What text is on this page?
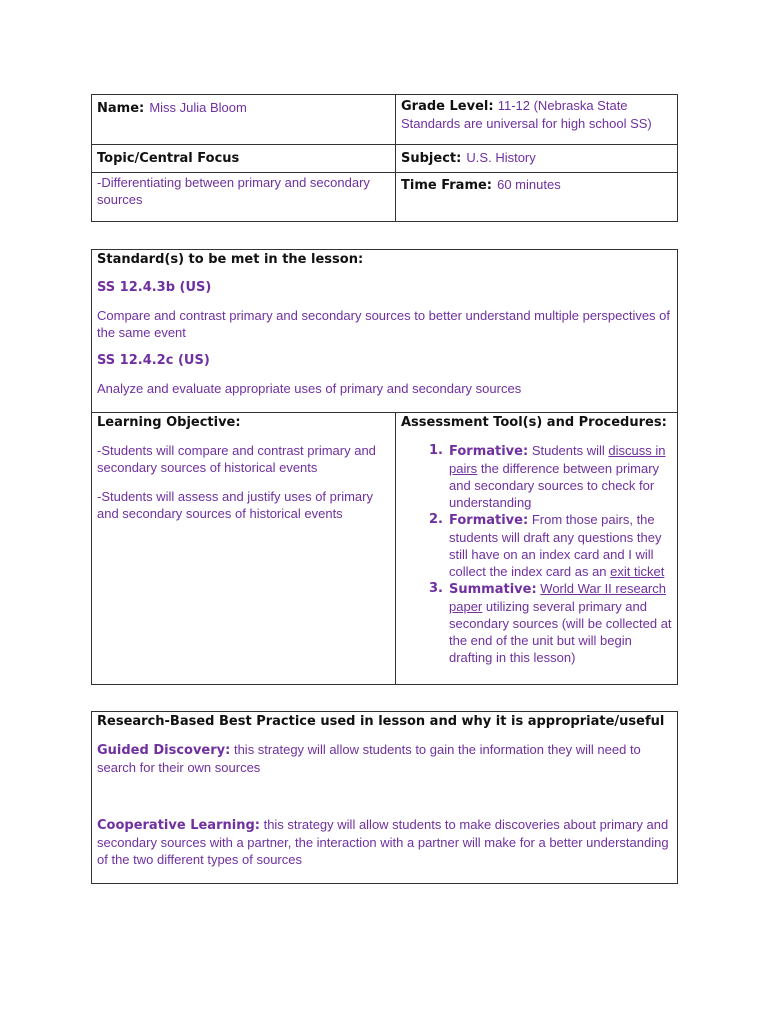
Name: Miss Julia Bloom	Grade Level: 11-12 (Nebraska State Standards are universal for high school SS)

Topic/Central Focus	Subject: U.S. History

-Differentiating between primary and secondary sources

Time Frame: 60 minutes
Standard(s) to be met in the lesson:
SS 12.4.3b (US)

Compare and contrast primary and secondary sources to better understand multiple perspectives of the same event

SS 12.4.2c (US)

Analyze and evaluate appropriate uses of primary and secondary sources

Learning Objective:

-Students will compare and contrast primary and secondary sources of historical events

-Students will assess and justify uses of primary and secondary sources of historical events

Assessment Tool(s) and Procedures:
1. Formative: Students will discuss in pairs the difference between primary and secondary sources to check for understanding
2. Formative: From those pairs, the students will draft any questions they still have on an index card and I will collect the index card as an exit ticket
3. Summative: World War II research paper utilizing several primary and secondary sources (will be collected at the end of the unit but will begin drafting in this lesson)
Research-Based Best Practice used in lesson and why it is appropriate/useful

Guided Discovery: this strategy will allow students to gain the information they will need to search for their own sources

Cooperative Learning: this strategy will allow students to make discoveries about primary and secondary sources with a partner, the interaction with a partner will make for a better understanding of the two different types of sources
